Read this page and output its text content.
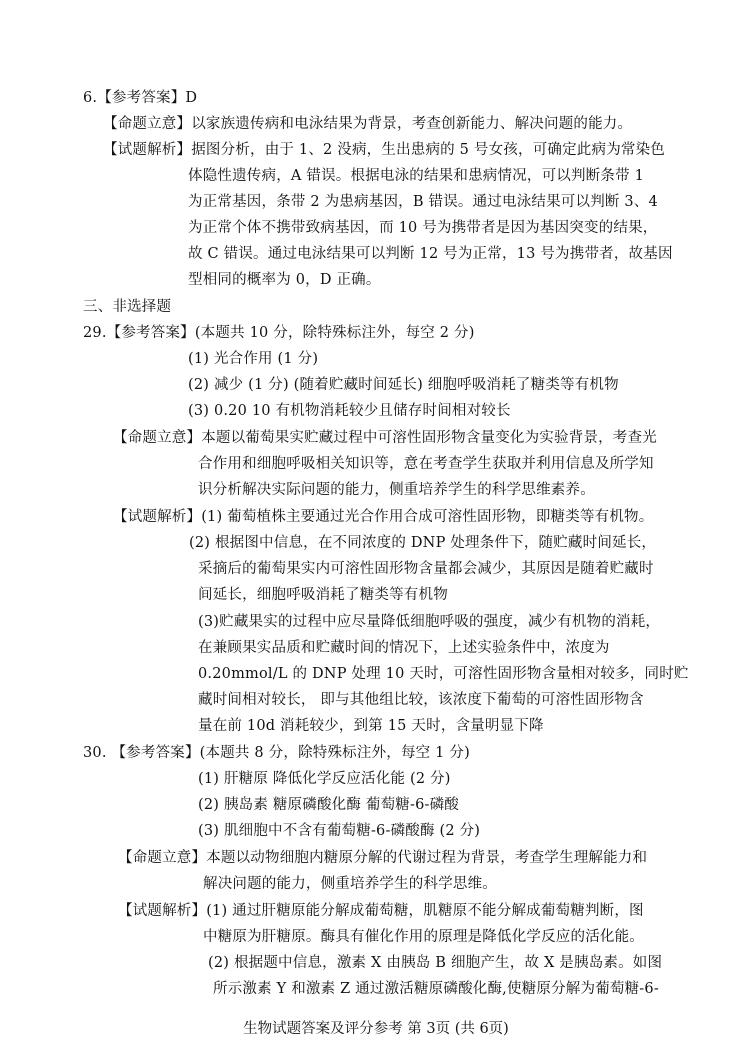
6.【参考答案】D
【命题立意】以家族遗传病和电泳结果为背景，考查创新能力、解决问题的能力。
【试题解析】据图分析，由于 1、2 没病，生出患病的 5 号女孩，可确定此病为常染色
体隐性遗传病，A 错误。根据电泳的结果和患病情况，可以判断条带 1
为正常基因，条带 2 为患病基因，B 错误。通过电泳结果可以判断 3、4
为正常个体不携带致病基因，而 10 号为携带者是因为基因突变的结果，
故 C 错误。通过电泳结果可以判断 12 号为正常，13 号为携带者，故基因
型相同的概率为 0，D 正确。
三、非选择题
29.【参考答案】(本题共 10 分，除特殊标注外，每空 2 分)
(1) 光合作用 (1 分)
(2) 减少 (1 分) (随着贮藏时间延长) 细胞呼吸消耗了糖类等有机物
(3) 0.20 10 有机物消耗较少且储存时间相对较长
【命题立意】本题以葡萄果实贮藏过程中可溶性固形物含量变化为实验背景，考查光
合作用和细胞呼吸相关知识等，意在考查学生获取并利用信息及所学知
识分析解决实际问题的能力，侧重培养学生的科学思维素养。
【试题解析】(1) 葡萄植株主要通过光合作用合成可溶性固形物，即糖类等有机物。
(2) 根据图中信息，在不同浓度的 DNP 处理条件下，随贮藏时间延长，
采摘后的葡萄果实内可溶性固形物含量都会减少，其原因是随着贮藏时
间延长，细胞呼吸消耗了糖类等有机物
(3)贮藏果实的过程中应尽量降低细胞呼吸的强度，减少有机物的消耗，
在兼顾果实品质和贮藏时间的情况下，上述实验条件中，浓度为
0.20mmol/L 的 DNP 处理 10 天时，可溶性固形物含量相对较多，同时贮
藏时间相对较长， 即与其他组比较，该浓度下葡萄的可溶性固形物含
量在前 10d 消耗较少，到第 15 天时，含量明显下降
30. 【参考答案】(本题共 8 分，除特殊标注外，每空 1 分)
(1) 肝糖原 降低化学反应活化能 (2 分)
(2) 胰岛素 糖原磷酸化酶 葡萄糖-6-磷酸
(3) 肌细胞中不含有葡萄糖-6-磷酸酶 (2 分)
【命题立意】本题以动物细胞内糖原分解的代谢过程为背景，考查学生理解能力和
解决问题的能力，侧重培养学生的科学思维。
【试题解析】(1) 通过肝糖原能分解成葡萄糖，肌糖原不能分解成葡萄糖判断，图
中糖原为肝糖原。酶具有催化作用的原理是降低化学反应的活化能。
(2) 根据题中信息，激素 X 由胰岛 B 细胞产生，故 X 是胰岛素。如图
所示激素 Y 和激素 Z 通过激活糖原磷酸化酶,使糖原分解为葡萄糖-6-
生物试题答案及评分参考 第 3页 (共 6页)
